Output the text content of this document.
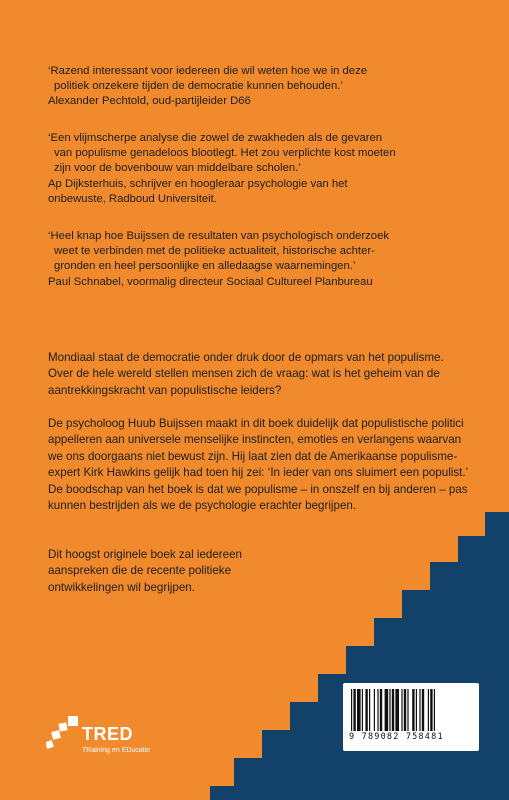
‘Razend interessant voor iedereen die wil weten hoe we in deze

politiek onzekere tijden de democratie kunnen behouden.’

Alexander Pechtold, oud-partijleider D66

‘Een vlijmscherpe analyse die zowel de zwakheden als de gevaren

van populisme genadeloos blootlegt. Het zou verplichte kost moeten

zijn voor de bovenbouw van middelbare scholen.’

Ap Dijksterhuis, schrijver en hoogleraar psychologie van het

onbewuste, Radboud Universiteit.

‘Heel knap hoe Buijssen de resultaten van psychologisch onderzoek

weet te verbinden met de politieke actualiteit, historische achter-

gronden en heel persoonlijke en alledaagse waarnemingen.’

Paul Schnabel, voormalig directeur Sociaal Cultureel Planbureau

Mondiaal staat de democratie onder druk door de opmars van het populisme. Over de hele wereld stellen mensen zich de vraag: wat is het geheim van de aantrekkingskracht van populistische leiders?

De psycholoog Huub Buijssen maakt in dit boek duidelijk dat populistische politici appelleren aan universele menselijke instincten, emoties en verlangens waarvan we ons doorgaans niet bewust zijn. Hij laat zien dat de Amerikaanse populisme-expert Kirk Hawkins gelijk had toen hij zei: ‘In ieder van ons sluimert een populist.’ De boodschap van het boek is dat we populisme – in onszelf en bij anderen – pas kunnen bestrijden als we de psychologie erachter begrijpen.

Dit hoogst originele boek zal iedereen aanspreken die de recente politieke ontwikkelingen wil begrijpen.

TRED
TRaining en EDucatie
9 789082 758481
